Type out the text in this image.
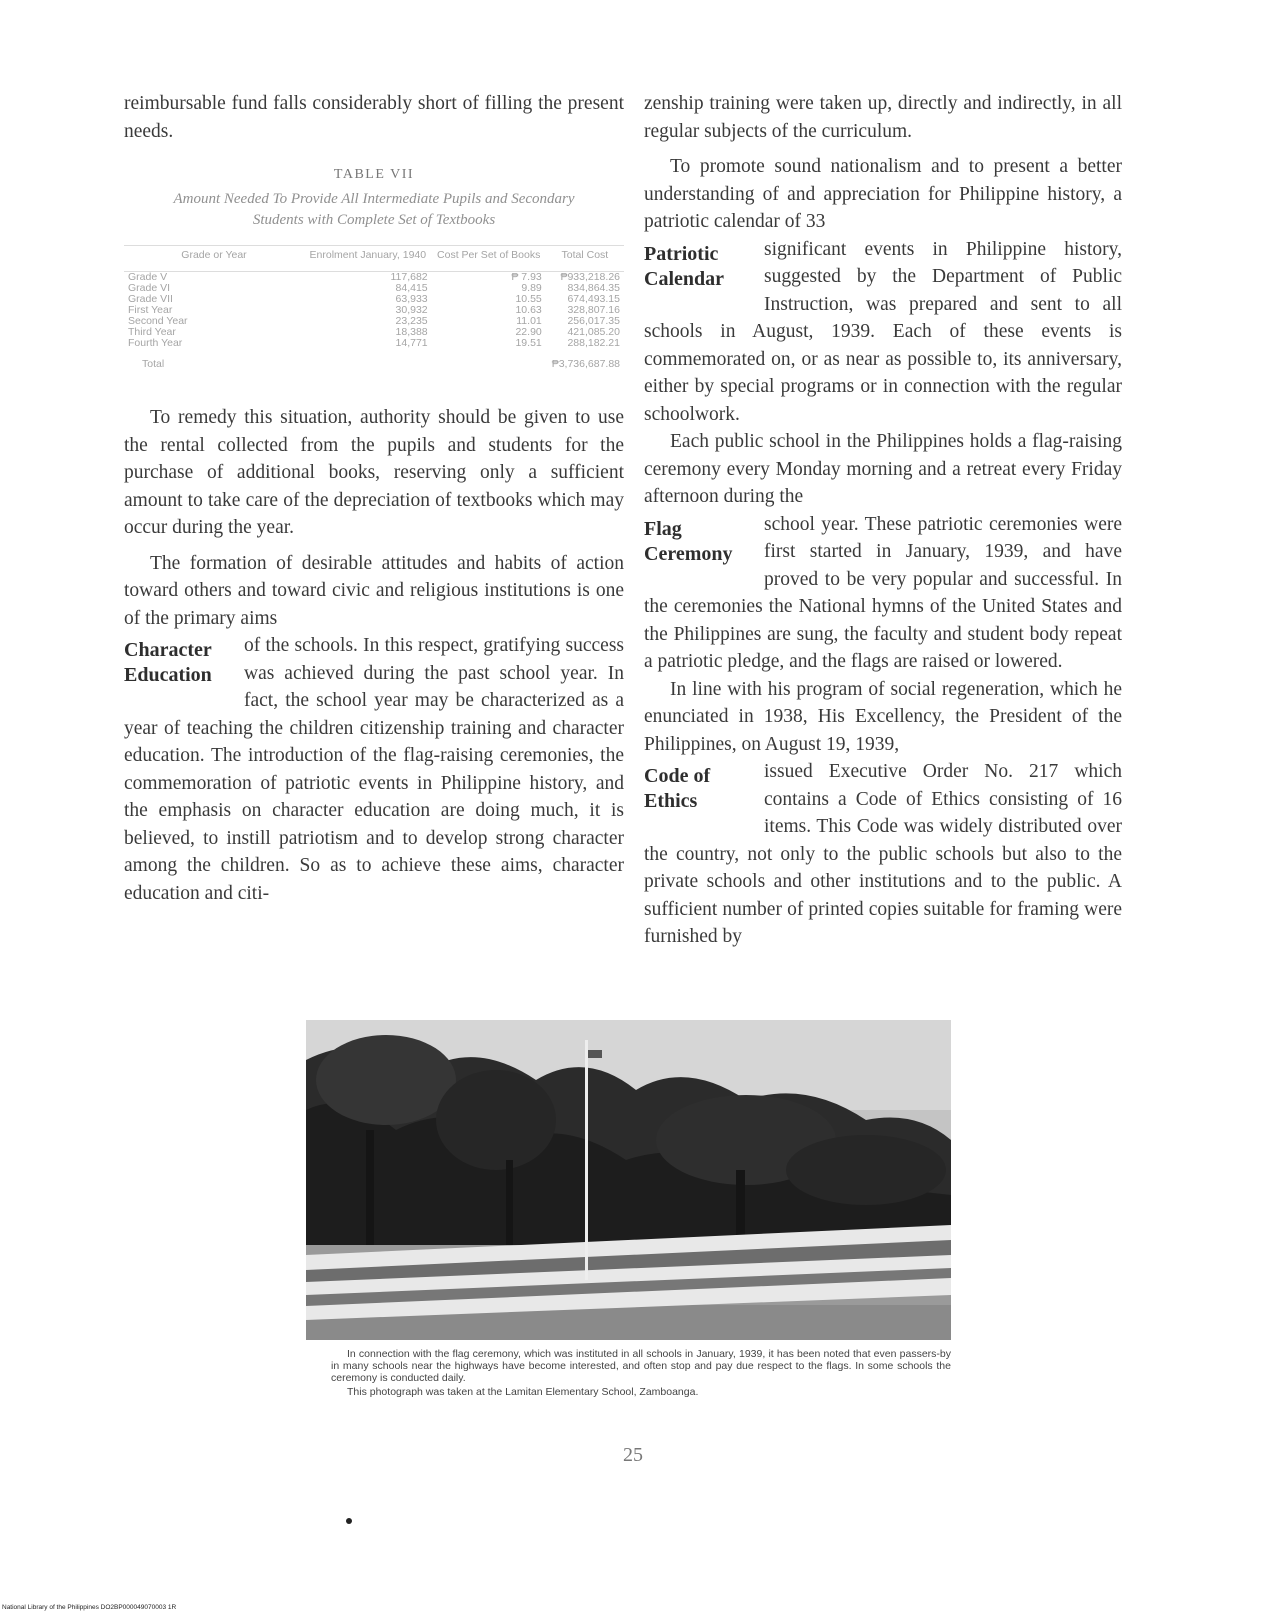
reimbursable fund falls considerably short of filling the present needs.

TABLE VII
Amount Needed To Provide All Intermediate Pupils and Secondary Students with Complete Set of Textbooks
Grade or Year	Enrolment January, 1940	Cost Per Set of Books	Total Cost
Grade V	117,682	₱ 7.93	₱933,218.26
Grade VI	84,415	9.89	834,864.35
Grade VII	63,933	10.55	674,493.15
First Year	30,932	10.63	328,807.16
Second Year	23,235	11.01	256,017.35
Third Year	18,388	22.90	421,085.20
Fourth Year	14,771	19.51	288,182.21
Total			₱3,736,687.88

To remedy this situation, authority should be given to use the rental collected from the pupils and students for the purchase of additional books, reserving only a sufficient amount to take care of the depreciation of textbooks which may occur during the year.

The formation of desirable attitudes and habits of action toward others and toward civic and religious institutions is one of the primary aims

Character Education

of the schools. In this respect, gratifying success was achieved during the past school year. In fact, the school year may be characterized as a year of teaching the children citizenship training and character education. The introduction of the flag-raising ceremonies, the commemoration of patriotic events in Philippine history, and the emphasis on character education are doing much, it is believed, to instill patriotism and to develop strong character among the children. So as to achieve these aims, character education and citi-

zenship training were taken up, directly and indirectly, in all regular subjects of the curriculum.

To promote sound nationalism and to present a better understanding of and appreciation for Philippine history, a patriotic calendar of 33

Patriotic Calendar

significant events in Philippine history, suggested by the Department of Public Instruction, was prepared and sent to all schools in August, 1939. Each of these events is commemorated on, or as near as possible to, its anniversary, either by special programs or in connection with the regular schoolwork.

Each public school in the Philippines holds a flag-raising ceremony every Monday morning and a retreat every Friday afternoon during the

Flag Ceremony

school year. These patriotic ceremonies were first started in January, 1939, and have proved to be very popular and successful. In the ceremonies the National hymns of the United States and the Philippines are sung, the faculty and student body repeat a patriotic pledge, and the flags are raised or lowered.

In line with his program of social regeneration, which he enunciated in 1938, His Excellency, the President of the Philippines, on August 19, 1939,

Code of Ethics

issued Executive Order No. 217 which contains a Code of Ethics consisting of 16 items. This Code was widely distributed over the country, not only to the public schools but also to the private schools and other institutions and to the public. A sufficient number of printed copies suitable for framing were furnished by

In connection with the flag ceremony, which was instituted in all schools in January, 1939, it has been noted that even passers-by in many schools near the highways have become interested, and often stop and pay due respect to the flags. In some schools the ceremony is conducted daily.
This photograph was taken at the Lamitan Elementary School, Zamboanga.
25
National Library of the Philippines DO2BP000049070003 1R
